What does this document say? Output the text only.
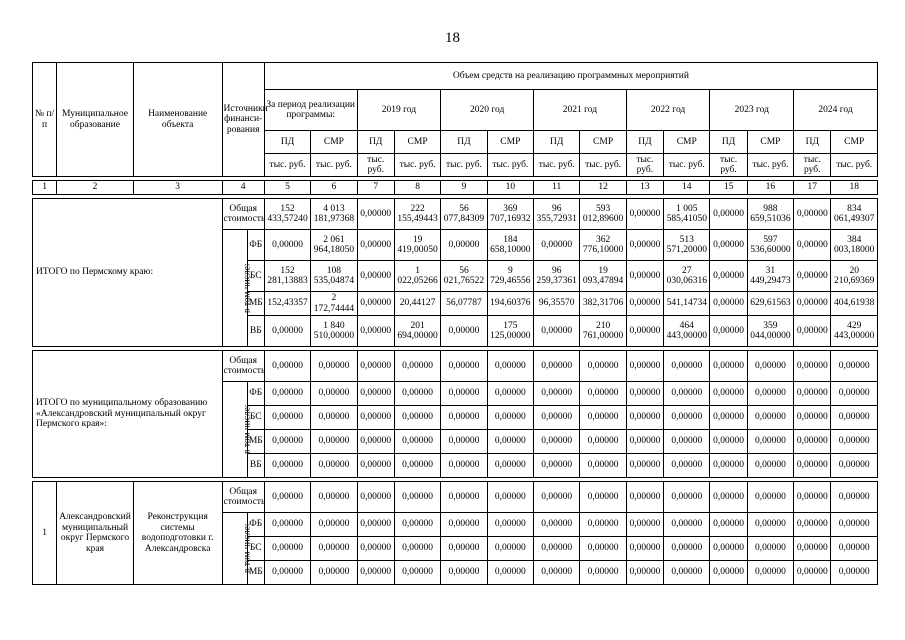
18
№ п/п	Муниципальное образование	Наименование объекта	Источники финанси-рования		Объем средств на реализацию программных мероприятий													
					За период реализации программы:		2019 год		2020 год		2021 год		2022 год		2023 год		2024 год	
					ПД	СМР	ПД	СМР	ПД	СМР	ПД	СМР	ПД	СМР	ПД	СМР	ПД	СМР
					тыс. руб.	тыс. руб.	тыс. руб.	тыс. руб.	тыс. руб.	тыс. руб.	тыс. руб.	тыс. руб.	тыс. руб.	тыс. руб.	тыс. руб.	тыс. руб.	тыс. руб.	тыс. руб.

1	2	3	4		5	6	7	8	9	10	11	12	13	14	15	16	17	18

ИТОГО по Пермскому краю:			Общая стоимость		152 433,57240	4 013 181,97368	0,00000	222 155,49443	56 077,84309	369 707,16932	96 355,72931	593 012,89600	0,00000	1 005 585,41050	0,00000	988 659,51036	0,00000	834 061,49307
			в том числе:	ФБ	0,00000	2 061 964,18050	0,00000	19 419,00050	0,00000	184 658,10000	0,00000	362 776,10000	0,00000	513 571,20000	0,00000	597 536,60000	0,00000	384 003,18000
				БС	152 281,13883	108 535,04874	0,00000	1 022,05266	56 021,76522	9 729,46556	96 259,37361	19 093,47894	0,00000	27 030,06316	0,00000	31 449,29473	0,00000	20 210,69369
				МБ	152,43357	2 172,74444	0,00000	20,44127	56,07787	194,60376	96,35570	382,31706	0,00000	541,14734	0,00000	629,61563	0,00000	404,61938
				ВБ	0,00000	1 840 510,00000	0,00000	201 694,00000	0,00000	175 125,00000	0,00000	210 761,00000	0,00000	464 443,00000	0,00000	359 044,00000	0,00000	429 443,00000

ИТОГО по муниципальному образованию «Александровский муниципальный округ Пермского края»:			Общая стоимость		0,00000	0,00000	0,00000	0,00000	0,00000	0,00000	0,00000	0,00000	0,00000	0,00000	0,00000	0,00000	0,00000	0,00000
			в том числе:	ФБ	0,00000	0,00000	0,00000	0,00000	0,00000	0,00000	0,00000	0,00000	0,00000	0,00000	0,00000	0,00000	0,00000	0,00000
				БС	0,00000	0,00000	0,00000	0,00000	0,00000	0,00000	0,00000	0,00000	0,00000	0,00000	0,00000	0,00000	0,00000	0,00000
				МБ	0,00000	0,00000	0,00000	0,00000	0,00000	0,00000	0,00000	0,00000	0,00000	0,00000	0,00000	0,00000	0,00000	0,00000
				ВБ	0,00000	0,00000	0,00000	0,00000	0,00000	0,00000	0,00000	0,00000	0,00000	0,00000	0,00000	0,00000	0,00000	0,00000

1	Александровский муниципальный округ Пермского края	Реконструкция системы водоподготовки г. Александровска	Общая стоимость		0,00000	0,00000	0,00000	0,00000	0,00000	0,00000	0,00000	0,00000	0,00000	0,00000	0,00000	0,00000	0,00000	0,00000
			в том числе:	ФБ	0,00000	0,00000	0,00000	0,00000	0,00000	0,00000	0,00000	0,00000	0,00000	0,00000	0,00000	0,00000	0,00000	0,00000
				БС	0,00000	0,00000	0,00000	0,00000	0,00000	0,00000	0,00000	0,00000	0,00000	0,00000	0,00000	0,00000	0,00000	0,00000
				МБ	0,00000	0,00000	0,00000	0,00000	0,00000	0,00000	0,00000	0,00000	0,00000	0,00000	0,00000	0,00000	0,00000	0,00000
